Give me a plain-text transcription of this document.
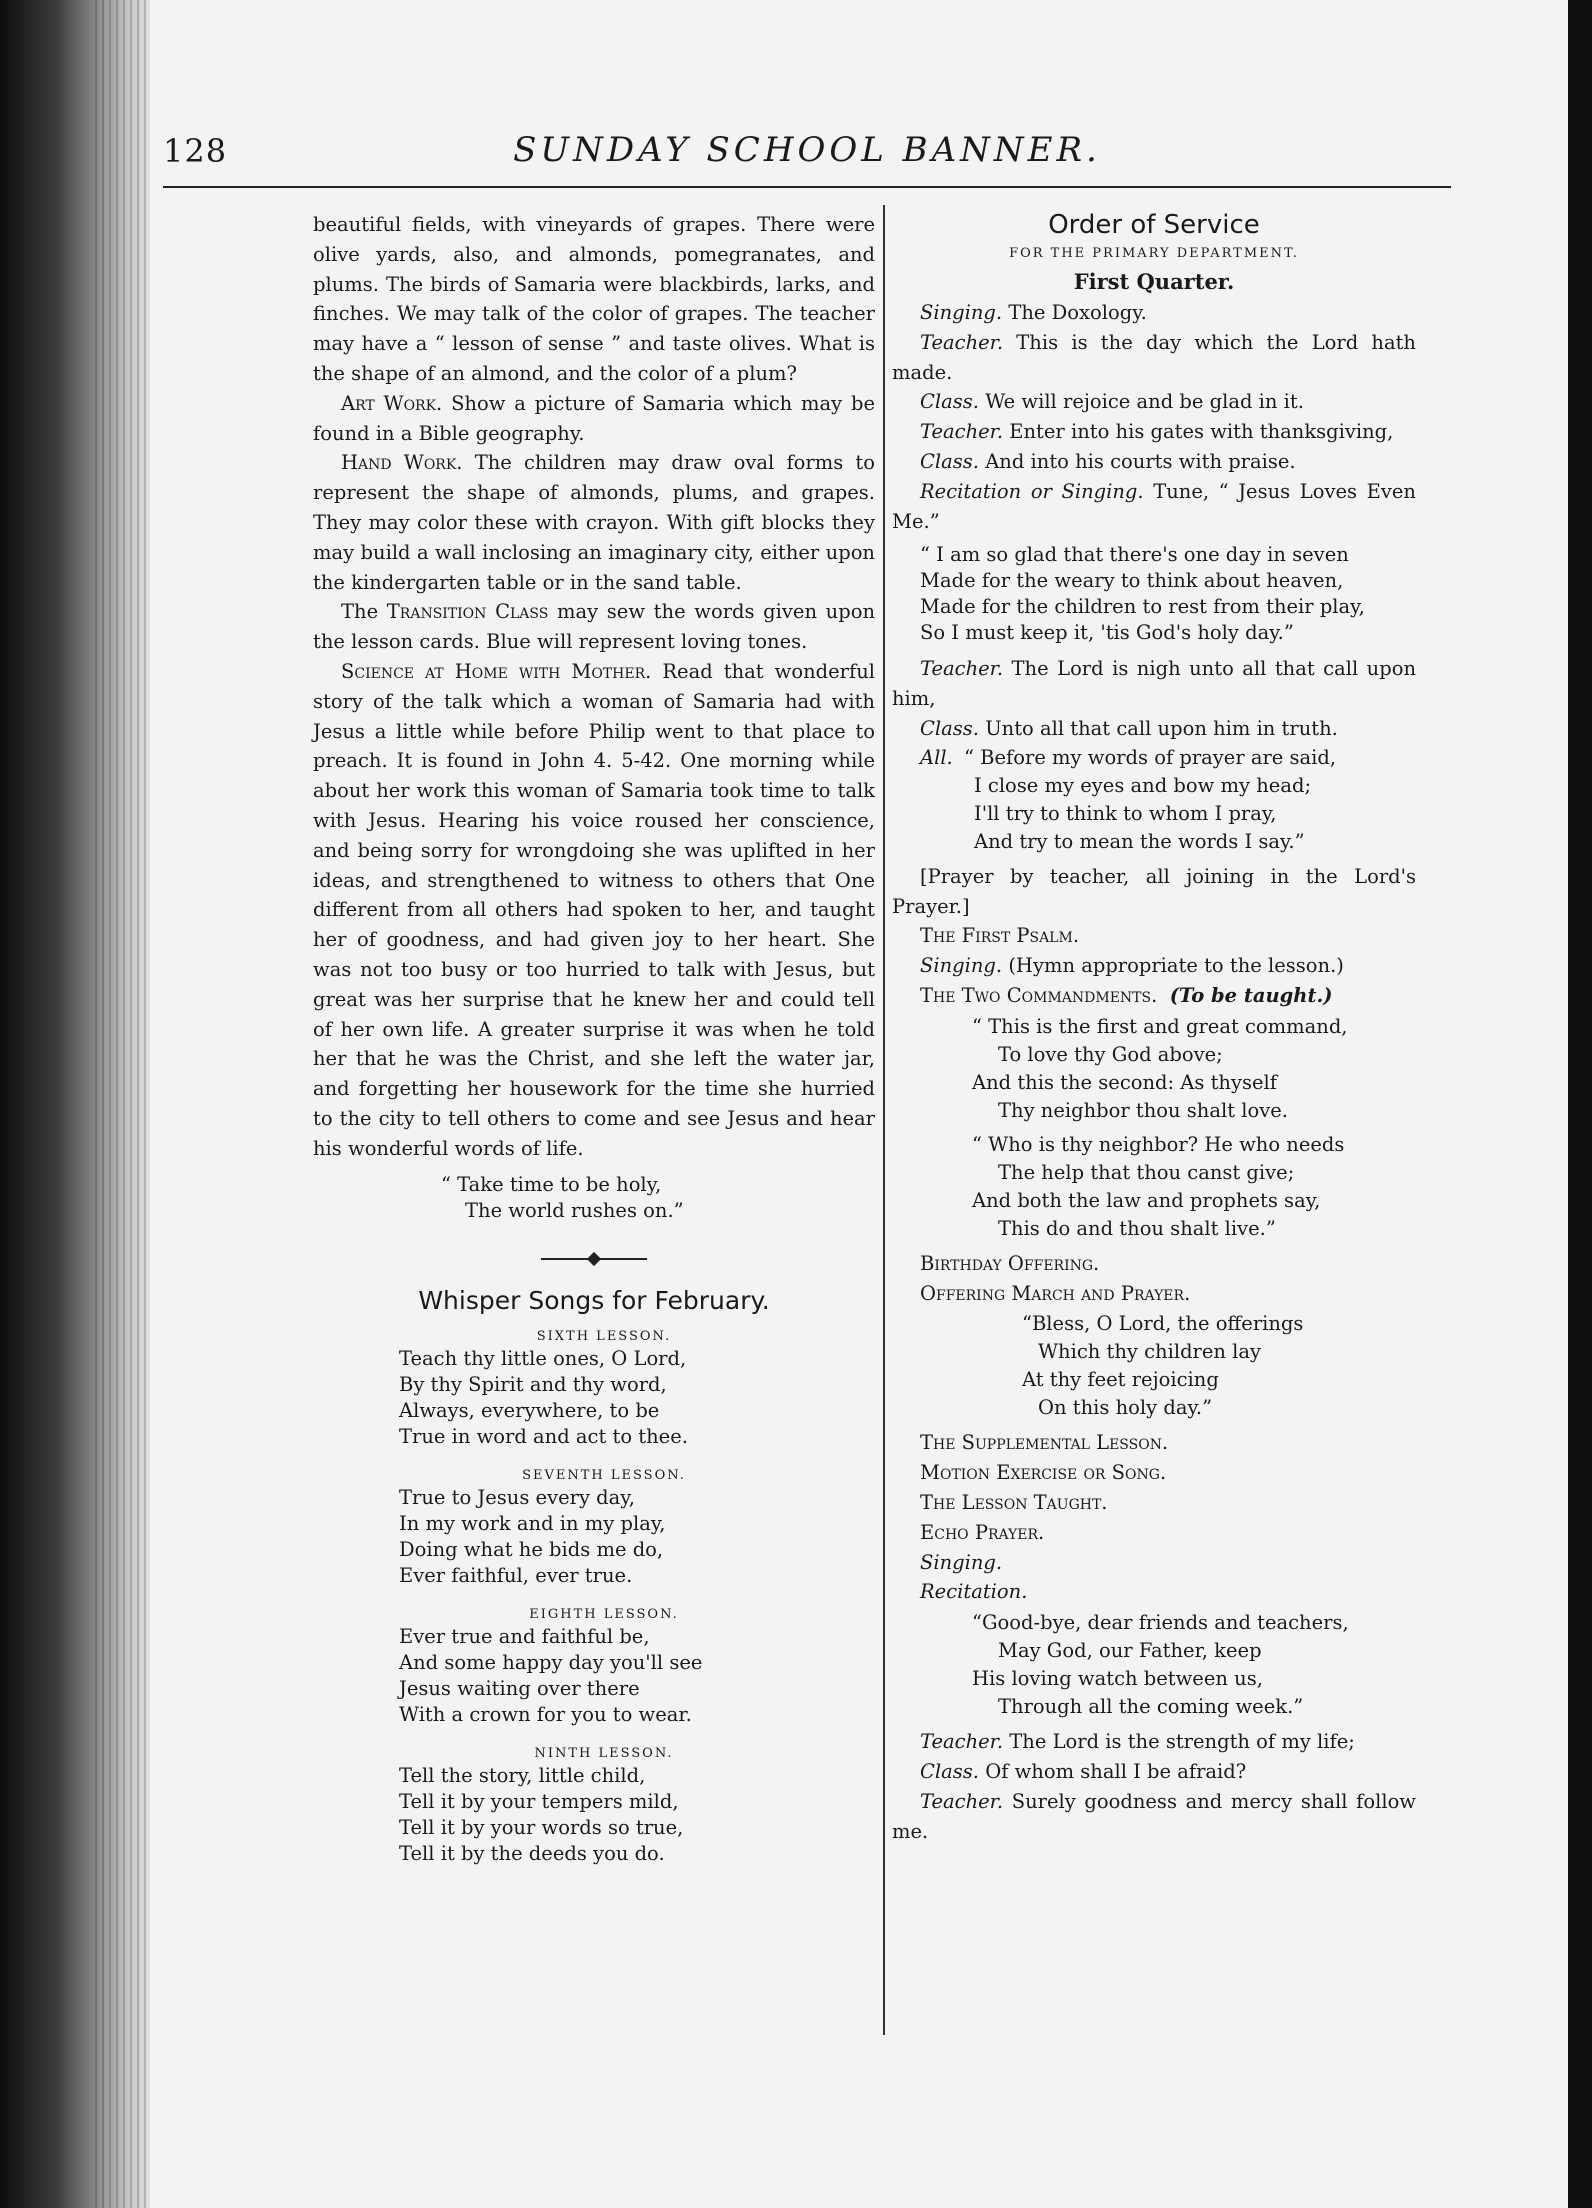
128	SUNDAY SCHOOL BANNER.

beautiful fields, with vineyards of grapes. There were olive yards, also, and almonds, pomegranates, and plums. The birds of Samaria were blackbirds, larks, and finches. We may talk of the color of grapes. The teacher may have a “ lesson of sense ” and taste olives. What is the shape of an almond, and the color of a plum?

Art Work. Show a picture of Samaria which may be found in a Bible geography.

Hand Work. The children may draw oval forms to represent the shape of almonds, plums, and grapes. They may color these with crayon. With gift blocks they may build a wall inclosing an imaginary city, either upon the kindergarten table or in the sand table.

The Transition Class may sew the words given upon the lesson cards. Blue will represent loving tones.

Science at Home with Mother. Read that wonderful story of the talk which a woman of Samaria had with Jesus a little while before Philip went to that place to preach. It is found in John 4. 5-42. One morning while about her work this woman of Samaria took time to talk with Jesus. Hearing his voice roused her conscience, and being sorry for wrongdoing she was uplifted in her ideas, and strengthened to witness to others that One different from all others had spoken to her, and taught her of goodness, and had given joy to her heart. She was not too busy or too hurried to talk with Jesus, but great was her surprise that he knew her and could tell of her own life. A greater surprise it was when he told her that he was the Christ, and she left the water jar, and forgetting her housework for the time she hurried to the city to tell others to come and see Jesus and hear his wonderful words of life.

“ Take time to be holy,
The world rushes on.”
Whisper Songs for February.
SIXTH LESSON.
Teach thy little ones, O Lord,
By thy Spirit and thy word,
Always, everywhere, to be
True in word and act to thee.
SEVENTH LESSON.
True to Jesus every day,
In my work and in my play,
Doing what he bids me do,
Ever faithful, ever true.
EIGHTH LESSON.
Ever true and faithful be,
And some happy day you'll see
Jesus waiting over there
With a crown for you to wear.
NINTH LESSON.
Tell the story, little child,
Tell it by your tempers mild,
Tell it by your words so true,
Tell it by the deeds you do.
Order of Service
FOR THE PRIMARY DEPARTMENT.
First Quarter.

Singing. The Doxology.

Teacher. This is the day which the Lord hath made.

Class. We will rejoice and be glad in it.

Teacher. Enter into his gates with thanksgiving,

Class. And into his courts with praise.

Recitation or Singing. Tune, “ Jesus Loves Even Me.”

“ I am so glad that there's one day in seven
Made for the weary to think about heaven,
Made for the children to rest from their play,
So I must keep it, 'tis God's holy day.”

Teacher. The Lord is nigh unto all that call upon him,

Class. Unto all that call upon him in truth.

All. “ Before my words of prayer are said,
I close my eyes and bow my head;
I'll try to think to whom I pray,
And try to mean the words I say.”

[Prayer by teacher, all joining in the Lord's Prayer.]

The First Psalm.

Singing. (Hymn appropriate to the lesson.)

The Two Commandments. (To be taught.)

“ This is the first and great command,
To love thy God above;
And this the second: As thyself
Thy neighbor thou shalt love.
“ Who is thy neighbor? He who needs
The help that thou canst give;
And both the law and prophets say,
This do and thou shalt live.”

Birthday Offering.

Offering March and Prayer.

“Bless, O Lord, the offerings
Which thy children lay
At thy feet rejoicing
On this holy day.”

The Supplemental Lesson.

Motion Exercise or Song.

The Lesson Taught.

Echo Prayer.

Singing.

Recitation.

“Good-bye, dear friends and teachers,
May God, our Father, keep
His loving watch between us,
Through all the coming week.”

Teacher. The Lord is the strength of my life;

Class. Of whom shall I be afraid?

Teacher. Surely goodness and mercy shall follow me.
